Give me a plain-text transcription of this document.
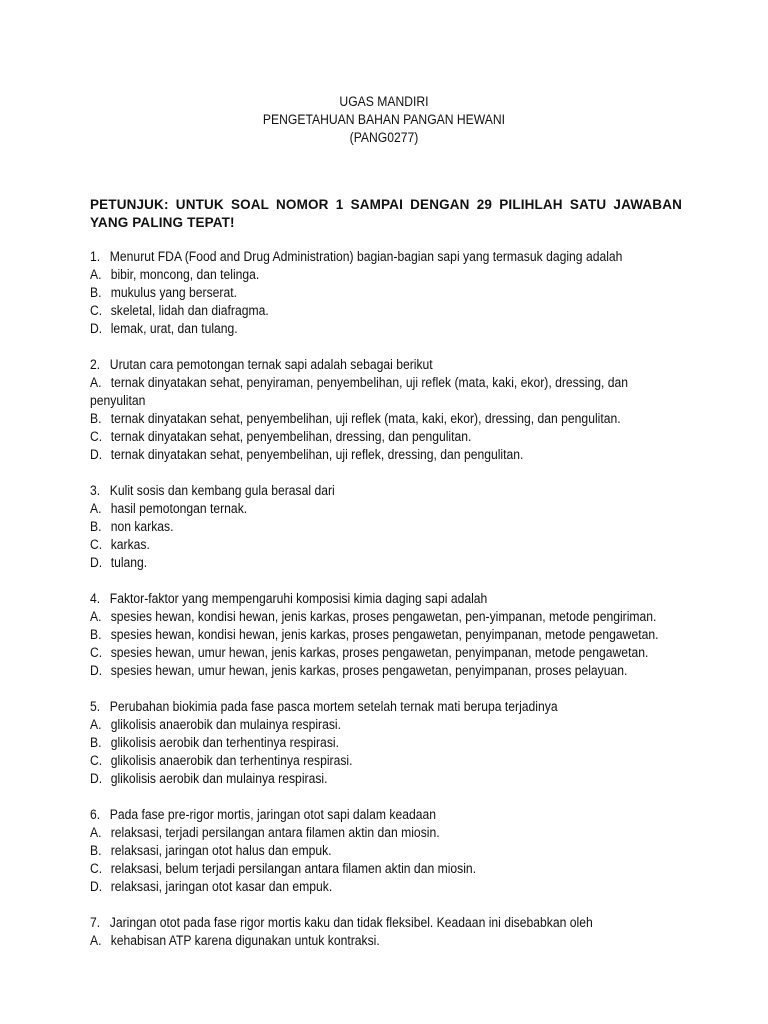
UGAS MANDIRI
PENGETAHUAN BAHAN PANGAN HEWANI
(PANG0277)
PETUNJUK: UNTUK SOAL NOMOR 1 SAMPAI DENGAN 29 PILIHLAH SATU JAWABAN YANG PALING TEPAT!
1. Menurut FDA (Food and Drug Administration) bagian-bagian sapi yang termasuk daging adalah
A. bibir, moncong, dan telinga.
B. mukulus yang berserat.
C. skeletal, lidah dan diafragma.
D. lemak, urat, dan tulang.
2. Urutan cara pemotongan ternak sapi adalah sebagai berikut
A. ternak dinyatakan sehat, penyiraman, penyembelihan, uji reflek (mata, kaki, ekor), dressing, dan penyulitan
B. ternak dinyatakan sehat, penyembelihan, uji reflek (mata, kaki, ekor), dressing, dan pengulitan.
C. ternak dinyatakan sehat, penyembelihan, dressing, dan pengulitan.
D. ternak dinyatakan sehat, penyembelihan, uji reflek, dressing, dan pengulitan.
3. Kulit sosis dan kembang gula berasal dari
A. hasil pemotongan ternak.
B. non karkas.
C. karkas.
D. tulang.
4. Faktor-faktor yang mempengaruhi komposisi kimia daging sapi adalah
A. spesies hewan, kondisi hewan, jenis karkas, proses pengawetan, pen-yimpanan, metode pengiriman.
B. spesies hewan, kondisi hewan, jenis karkas, proses pengawetan, penyimpanan, metode pengawetan.
C. spesies hewan, umur hewan, jenis karkas, proses pengawetan, penyimpanan, metode pengawetan.
D. spesies hewan, umur hewan, jenis karkas, proses pengawetan, penyimpanan, proses pelayuan.
5. Perubahan biokimia pada fase pasca mortem setelah ternak mati berupa terjadinya
A. glikolisis anaerobik dan mulainya respirasi.
B. glikolisis aerobik dan terhentinya respirasi.
C. glikolisis anaerobik dan terhentinya respirasi.
D. glikolisis aerobik dan mulainya respirasi.
6. Pada fase pre-rigor mortis, jaringan otot sapi dalam keadaan
A. relaksasi, terjadi persilangan antara filamen aktin dan miosin.
B. relaksasi, jaringan otot halus dan empuk.
C. relaksasi, belum terjadi persilangan antara filamen aktin dan miosin.
D. relaksasi, jaringan otot kasar dan empuk.
7. Jaringan otot pada fase rigor mortis kaku dan tidak fleksibel. Keadaan ini disebabkan oleh
A. kehabisan ATP karena digunakan untuk kontraksi.
